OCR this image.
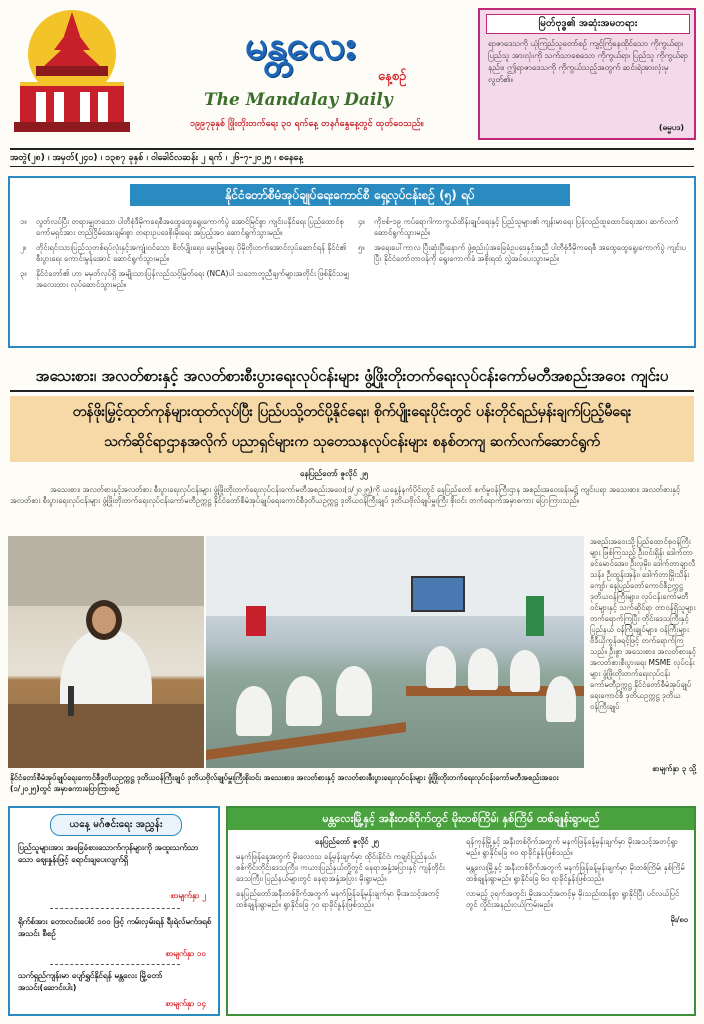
မန္တလေး
နေ့စဉ်
The Mandalay Daily
၁၉၉၇ခုနှစ် ဖြိုးတိုးတက်ရေး ၃၀ ရက်နေ့ တနင်္ဂနွေနေ့တွင် ထုတ်ဝေသည်။
မြတ်ဗုဒ္ဓ၏ အဆုံးအမတရား
ရာဇာဒေသကို ယုံကြည်သူတော်စဉ် ကျင့်ကြံနေထိုင်သော ကိုကွယ်ရာ၊ ပြည်သူ အားလုံးကို သက်သာစေသော ကိုကွယ်ရာ၊ ပြည်သူ ကိုကွယ်ရာနည်း။ ဤရာဇာဒေသကို ကိုကွယ်သည့်အတွက် ဆင်းရဲအားလုံးမှ လွတ်၏။
(ဓမ္မပဒ)
အတွဲ(၂၈) ၊ အမှတ်(၂၄၀) ၊ ၁၃၈၇ ခုနှစ် ၊ ဝါခေါင်လဆန်း ၂ ရက် ၊ ၂၆-၇-၂၀၂၅ ၊ စနေနေ့
နိုင်ငံတော်စီမံအုပ်ချုပ်ရေးကောင်စီ ရှေ့လုပ်ငန်းစဉ် (၅) ရပ်
၁။	လွတ်လပ်ပြီး တရားမျှတသော ပါတီစုံဒီမိုကရေစီအထွေထွေရွေးကောက်ပွဲ အောင်မြင်စွာ ကျင်းပနိုင်ရေး ပြည်ထောင်စုကော်မရှင်အား တည်ငြိမ်အေးချမ်းစွာ တရားဥပဒေစိုးမိုးရေး အပြည့်အဝ ဆောင်ရွက်သွားမည်။
၂။	တိုင်းရင်းသားပြည်သူတစ်ရပ်လုံးနှင့်အကျုံးဝင်သော စိတ်ပျိုးရေး၊ မွေးမြူရေး ပိုမိုတိုးတက်အောင်လုပ်ဆောင်ရန် နိုင်ငံ၏ စီးပွားရေး ကောင်းမွန်အောင် ဆောင်ရွက်သွားမည်။
၃။	နိုင်ငံတော်၏ ဟာ မမှတ်လုပ်ရှိ အမျိုးသားပြန်လည်သင့်မြတ်ရေး (NCA)ပါ သဘောတူညီချက်များအတိုင်း ဖြစ်နိုင်သမျှ အလေးထား လုပ်ဆောင်သွားမည်။
၄။	ကိုဗစ်-၁၉ ကပ်ရောဂါကာကွယ်ထိန်းချုပ်ရေးနှင့် ပြည်သူများ၏ ကျန်းမာရေး ပြန်လည်ထူထောင်ရေးအား ဆက်လက်ဆောင်ရွက်သွားမည်။
၅။	အရေးပေါ်ကာလ ပြီးဆုံးပြီးနောက် ဖွဲ့စည်းပုံအခြေခံဥပဒေနှင့်အညီ ပါတီစုံဒီမိုကရေစီ အထွေထွေရွေးကောက်ပွဲ ကျင်းပပြီး နိုင်ငံတော်တာဝန်ကို ရွေးကောက်ခံ အစိုးရထံ လွှဲအပ်ပေးသွားမည်။
အသေးစား၊ အလတ်စားနှင့် အလတ်စားစီးပွားရေးလုပ်ငန်းများ ဖွံ့ဖြိုးတိုးတက်ရေးလုပ်ငန်းကော်မတီအစည်းအဝေး ကျင်းပ
တန်ဖိုးမြှင့်ထုတ်ကုန်များထုတ်လုပ်ပြီး ပြည်ပသို့တင်ပို့နိုင်ရေး၊ စိုက်ပျိုးရေးပိုင်းတွင် ပန်းတိုင်ရည်မှန်းချက်ပြည့်မီရေး
သက်ဆိုင်ရာဌာနအလိုက် ပညာရှင်များက သုတေသနလုပ်ငန်းများ စနစ်တကျ ဆက်လက်ဆောင်ရွက်
နေပြည်တော် ဇူလိုင် ၂၅
အသေးစား၊ အလတ်စားနှင့်အလတ်စား စီးပွားရေးလုပ်ငန်းများ ဖွံ့ဖြိုးတိုးတက်ရေးလုပ်ငန်းကော်မတီအစည်းအဝေး(၁/၂၀၂၅)ကို ယနေ့နံနက်ပိုင်းတွင် နေပြည်တော် စက်မှုဝန်ကြီးဌာန အစည်းအဝေးခန်းမ၌ ကျင်းပရာ အသေးစား၊ အလတ်စားနှင့်အလတ်စား စီးပွားရေးလုပ်ငန်းများ ဖွံ့ဖြိုးတိုးတက်ရေးလုပ်ငန်းကော်မတီဥက္ကဋ္ဌ နိုင်ငံတော်စီမံအုပ်ချုပ်ရေးကောင်စီဒုတိယဥက္ကဋ္ဌ ဒုတိယဝန်ကြီးချုပ် ဒုတိယဗိုလ်ချုပ်မှူးကြီး စိုးဝင်း တက်ရောက်အမှာစကား ပြောကြားသည်။
နိုင်ငံတော်စီမံအုပ်ချုပ်ရေးကောင်စီဒုတိယဥက္ကဋ္ဌ ဒုတိယဝန်ကြီးချုပ် ဒုတိယဗိုလ်ချုပ်မှူးကြီးစိုးဝင်း အသေးစား၊ အလတ်စားနှင့် အလတ်စားစီးပွားရေးလုပ်ငန်းများ ဖွံ့ဖြိုးတိုးတက်ရေးလုပ်ငန်းကော်မတီအစည်းအဝေး (၁/၂၀၂၅)တွင် အမှာစကားပြောကြားစဉ်
အစည်းအဝေးသို့ပြည်ထောင်စုဝန်ကြီးများ ဖြစ်ကြသည့် ဦးဝင်းရှိန်၊ ဒေါက်တာခင်မောင်အေး၊ ဦးလှမိုး၊ ဒေါက်တာချာလီသန်း၊ ဦးထွန်းအုန်း၊ ဒေါက်တာမြိုးသိန်းကျော်၊ နေပြည်တော်ကောင်စီဥက္ကဋ္ဌ ဒုတိယဝန်ကြီးများ၊ လုပ်ငန်းကော်မတီဝင်များနှင့် သက်ဆိုင်ရာ တာဝန်ရှိသူများ တက်ရောက်ကြပြီး တိုင်းဒေသကြီးနှင့်ပြည်နယ် ဝန်ကြီးချုပ်များ၊ ဝန်ကြီးများ ဗီဒီယိုကွန်ဖရင့်ဖြင့် တက်ရောက်ကြသည်။ ဦးစွာ အသေးစား၊ အလတ်စားနှင့် အလတ်စားစီးပွားရေး MSME လုပ်ငန်းများ ဖွံ့ဖြိုးတိုးတက်ရေးလုပ်ငန်းကော်မတီဥက္ကဋ္ဌ နိုင်ငံတော်စီမံအုပ်ချုပ်ရေးကောင်စီ ဒုတိယဥက္ကဋ္ဌ ဒုတိယဝန်ကြီးချုပ်
စာမျက်နှာ ၃ သို့
ယနေ့ မဂ်ဇင်းရေး အညွှန်း
ပြည်သူများအား အခြေခံစားသောက်ကုန်များကို အထူးသက်သာသော ဈေးနှုန်းဖြင့် ရောင်းချပေးလျက်ရှိ
စာမျက်နှာ ၂
ရိုက်စ်အား တောလင်းပေါင် ၁၀၀ ဖြင့် ကမ်းလှမ်းရန် ရီးရဲလ်မက်ဒရစ်အသင်း စီစဉ်
စာမျက်နှာ ၁၀
သက်ရှည်ကျန်းမာ ပျော်ရွှင်နိုင်ရန် မန္တလေး မြို့တော်အသင်း(ဆောင်းပါး)
စာမျက်နှာ ၁၄
မန္တလေးမြို့နှင့် အနီးတစ်ဝိုက်တွင် မိုးတစ်ကြိမ်၊ နှစ်ကြိမ် ထစ်ချုန်းရွာမည်

နေပြည်တော် ဇူလိုင် ၂၅

မနက်ဖြန်နေ့အတွက် မိုးလေဝသ ခန့်မှန်းချက်မှာ ထိုင်းနိုင်ငံ၊ ကချင်ပြည်နယ်၊ စစ်ကိုင်းတိုင်းဒေသကြီး၊ ကယားပြည်နယ်တို့တွင် နေရာအနှံ့အပြားနှင့် ကျန်တိုင်းဒေသကြီး၊ ပြည်နယ်များတွင် နေရာအနှံ့အပြား မိုးရွာမည်။

နေပြည်တော်အနီးတစ်ဝိုက်အတွက် မနက်ဖြန်ခန့်မှန်းချက်မှာ မိုးအသင့်အတင့် ထစ်ချုန်းရွာမည်။ ရွာနိုင်ခြေ ၇၀ ရာခိုင်နှုန်းဖြစ်သည်။

ရန်ကုန်မြို့နှင့် အနီးတစ်ဝိုက်အတွက် မနက်ဖြန်ခန့်မှန်းချက်မှာ မိုးအသင့်အတင့်ရွာမည်။ ရွာနိုင်ခြေ ၈၀ ရာခိုင်နှုန်းဖြစ်သည်။

မန္တလေးမြို့နှင့် အနီးတစ်ဝိုက်အတွက် မနက်ဖြန်ခန့်မှန်းချက်မှာ မိုးတစ်ကြိမ်၊ နှစ်ကြိမ် ထစ်ချုန်းရွာမည်။ ရွာနိုင်ခြေ ၆၀ ရာခိုင်နှုန်းဖြစ်သည်။

လာမည့် ၃ရက်အတွင်း မိုးအသင့်အတင့်မှ မိုးသည်းထန်စွာ ရွာနိုင်ပြီး ပင်လယ်ပြင်တွင် လှိုင်းအနည်းငယ်ကြမ်းမည်။

မိုး/၈၀
